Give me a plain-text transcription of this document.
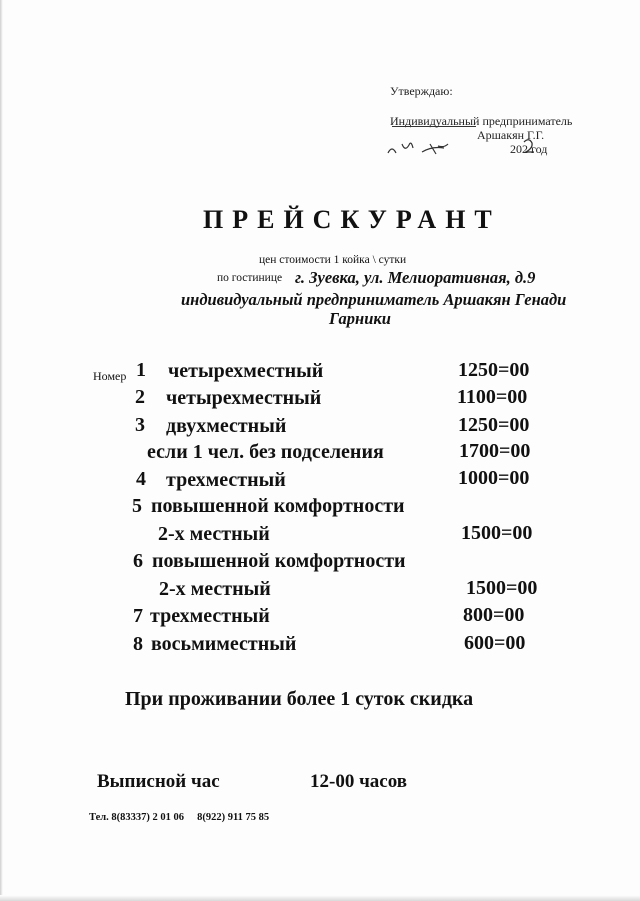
Утверждаю:
Индивидуальный предприниматель
Аршакян Г.Г.
202 год
ПРЕЙСКУРАНТ
цен стоимости 1 койка \ сутки
по гостинице г. Зуевка, ул. Мелиоративная, д.9
индивидуальный предприниматель Аршакян Генади
Гарники
Номер 1 четырехместный	1250=00
2 четырехместный	1100=00
3 двухместный	1250=00
если 1 чел. без подселения	1700=00
4 трехместный	1000=00
5 повышенной комфортности
2-х местный	1500=00
6 повышенной комфортности
2-х местный	1500=00
7 трехместный	800=00
8 восьмиместный	600=00
При проживании более 1 суток скидка
Выписной час	12-00 часов
Тел. 8(83337) 2 01 06     8(922) 911 75 85
